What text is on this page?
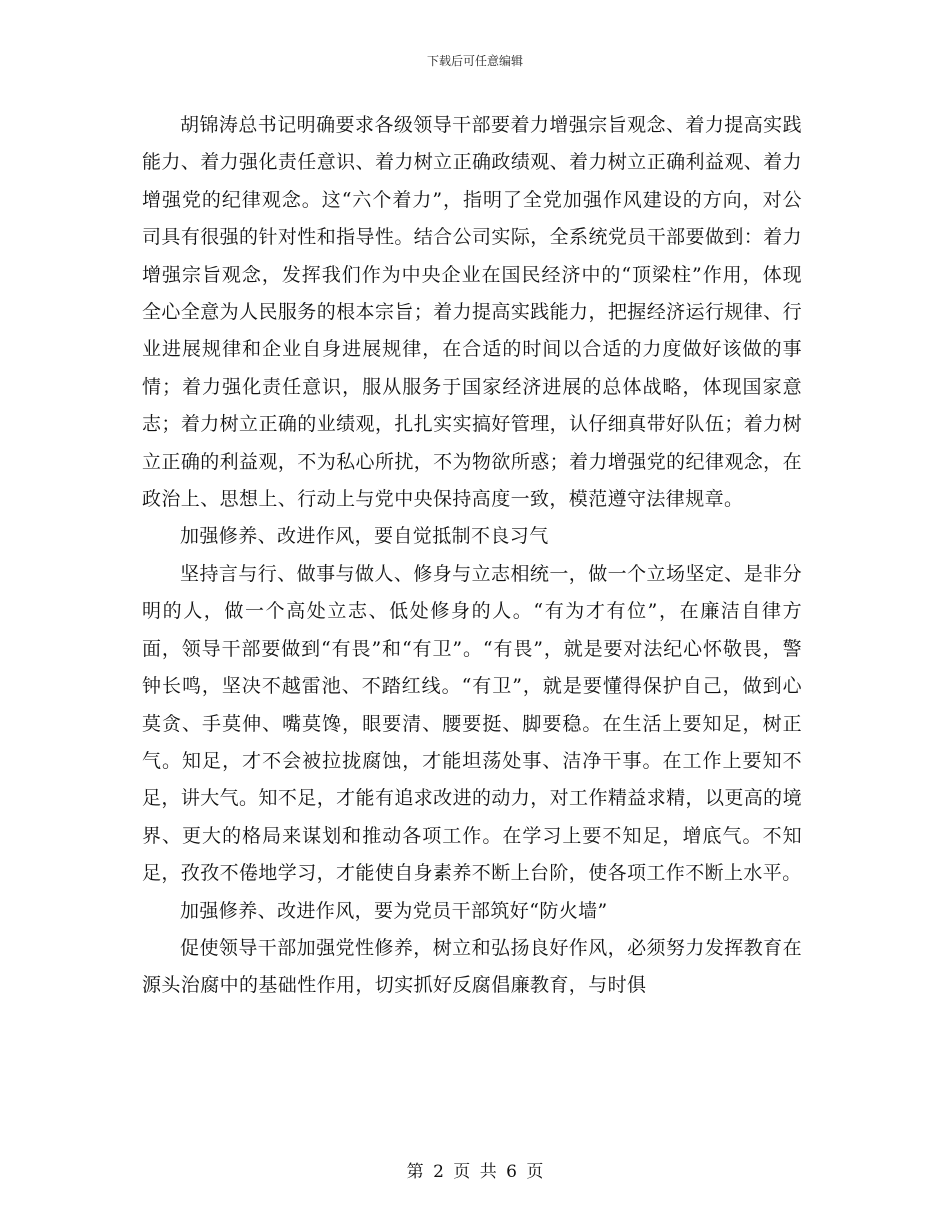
下载后可任意编辑

胡锦涛总书记明确要求各级领导干部要着力增强宗旨观念、着力提高实践能力、着力强化责任意识、着力树立正确政绩观、着力树立正确利益观、着力增强党的纪律观念。这“六个着力”，指明了全党加强作风建设的方向，对公司具有很强的针对性和指导性。结合公司实际，全系统党员干部要做到：着力增强宗旨观念，发挥我们作为中央企业在国民经济中的“顶梁柱”作用，体现全心全意为人民服务的根本宗旨；着力提高实践能力，把握经济运行规律、行业进展规律和企业自身进展规律，在合适的时间以合适的力度做好该做的事情；着力强化责任意识，服从服务于国家经济进展的总体战略，体现国家意志；着力树立正确的业绩观，扎扎实实搞好管理，认仔细真带好队伍；着力树立正确的利益观，不为私心所扰，不为物欲所惑；着力增强党的纪律观念，在政治上、思想上、行动上与党中央保持高度一致，模范遵守法律规章。

加强修养、改进作风，要自觉抵制不良习气

坚持言与行、做事与做人、修身与立志相统一，做一个立场坚定、是非分明的人，做一个高处立志、低处修身的人。“有为才有位”，在廉洁自律方面，领导干部要做到“有畏”和“有卫”。“有畏”，就是要对法纪心怀敬畏，警钟长鸣，坚决不越雷池、不踏红线。“有卫”，就是要懂得保护自己，做到心莫贪、手莫伸、嘴莫馋，眼要清、腰要挺、脚要稳。在生活上要知足，树正气。知足，才不会被拉拢腐蚀，才能坦荡处事、洁净干事。在工作上要知不足，讲大气。知不足，才能有追求改进的动力，对工作精益求精，以更高的境界、更大的格局来谋划和推动各项工作。在学习上要不知足，增底气。不知足，孜孜不倦地学习，才能使自身素养不断上台阶，使各项工作不断上水平。

加强修养、改进作风，要为党员干部筑好“防火墙”

促使领导干部加强党性修养，树立和弘扬良好作风，必须努力发挥教育在源头治腐中的基础性作用，切实抓好反腐倡廉教育，与时俱

第 2 页 共 6 页
